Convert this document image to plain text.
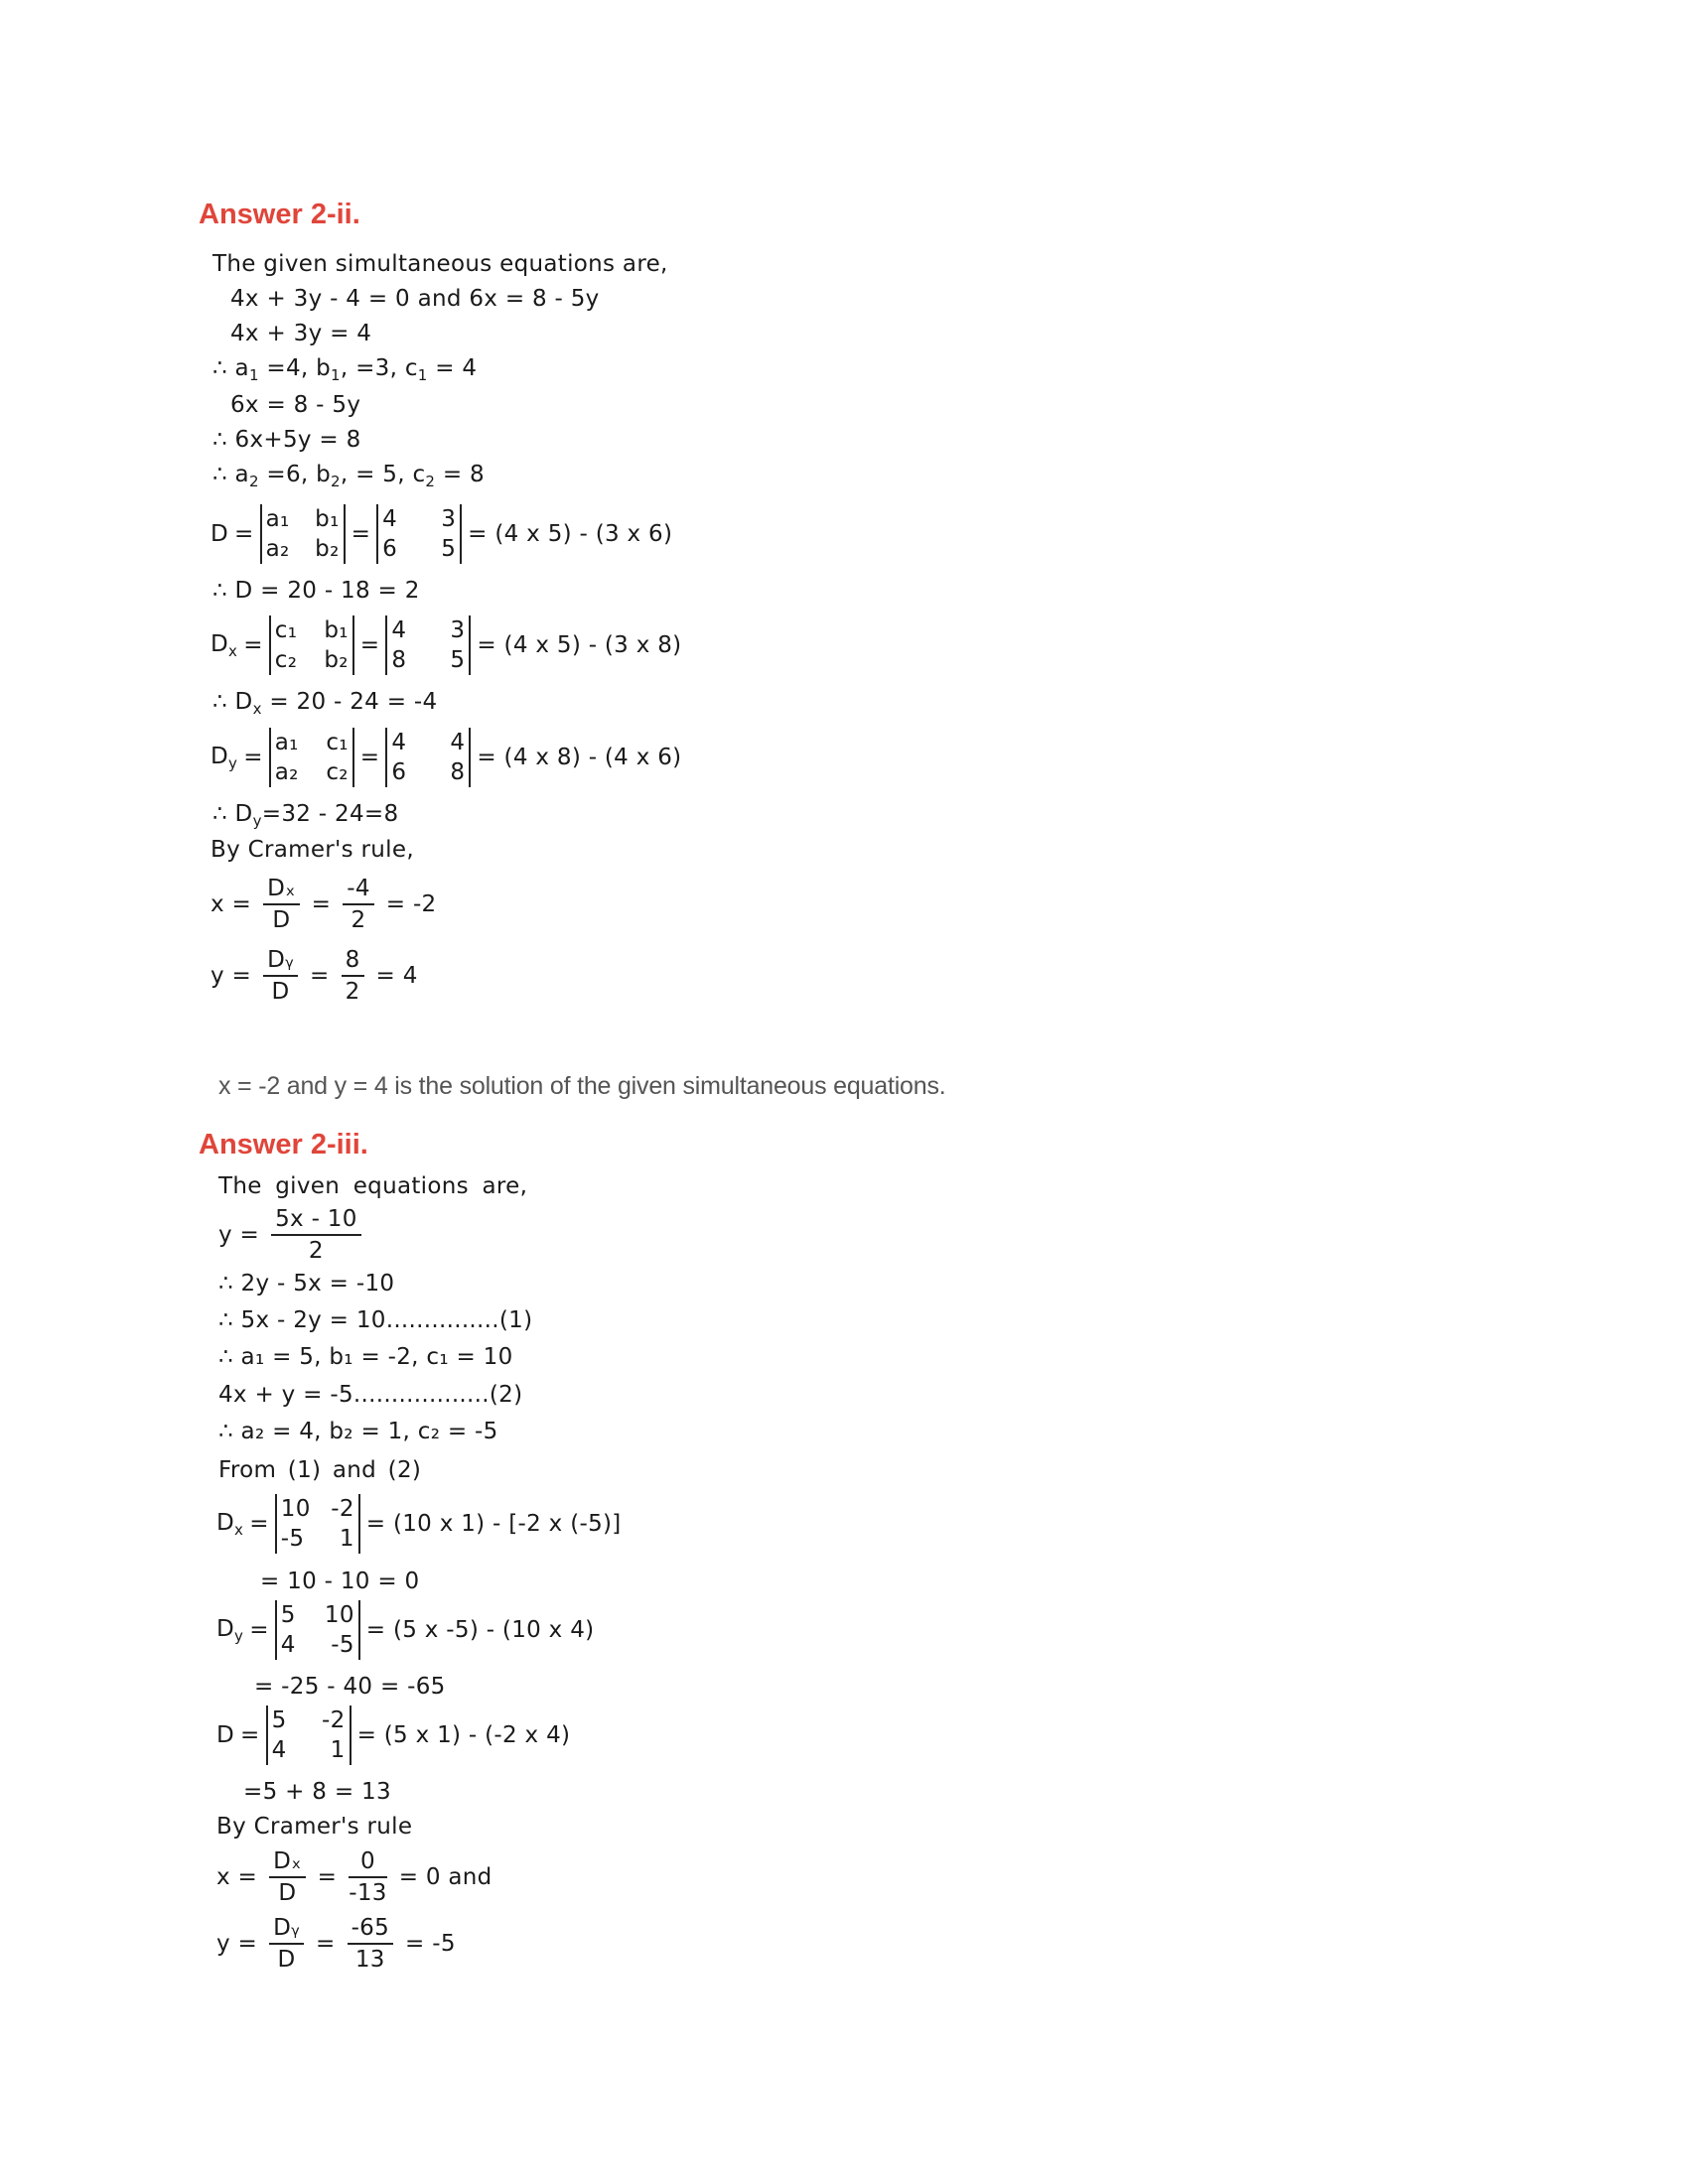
Answer 2-ii.
The given simultaneous equations are,
4x + 3y - 4 = 0 and 6x = 8 - 5y
4x + 3y = 4
∴ $a_1 =4$, $b_1$, =3, $c_1 = 4$
6x = 8 - 5y
∴ 6x+5y = 8
∴ $a_2 =6$, $b_2$, = 5, $c_2 = 8$
D =
a₁ b₁
a₂ b₂
=
4 3
6 5
= (4 x 5) - (3 x 6)
∴ D = 20 - 18 = 2
$D_x$ =
c₁ b₁
c₂ b₂
=
4 3
8 5
= (4 x 5) - (3 x 8)
∴ $D_x = 20 - 24 = -4$
$D_y$ =
a₁ c₁
a₂ c₂
=
4 4
6 8
= (4 x 8) - (4 x 6)
∴ $D_y=32 - 24=8$
By Cramer's rule,
$x = \frac{\text{Dₓ}}{D} = \frac{-4}{2} = -2$
$y = \frac{\text{Dᵧ}}{D} = \frac{8}{2} = 4$
x = -2 and y = 4 is the solution of the given simultaneous equations.
Answer 2-iii.
The given equations are,
$y = \frac{5x - 10}{2}$
∴ 2y - 5x = -10
∴ 5x - 2y = 10...............(1)
∴ a₁ = 5, b₁ = -2, c₁ = 10
4x + y = -5..................(2)
∴ a₂ = 4, b₂ = 1, c₂ = -5
From (1) and (2)
$D_x$ =
10 -2
-5 1
= (10 x 1) - [-2 x (-5)]
= 10 - 10 = 0
$D_y$ =
5 10
4 -5
= (5 x -5) - (10 x 4)
= -25 - 40 = -65
D =
5 -2
4 1
= (5 x 1) - (-2 x 4)
=5 + 8 = 13
By Cramer's rule
$x = \frac{\text{Dₓ}}{D} = \frac{0}{-13} = 0$ and
$y = \frac{\text{Dᵧ}}{D} = \frac{-65}{13} = -5$
